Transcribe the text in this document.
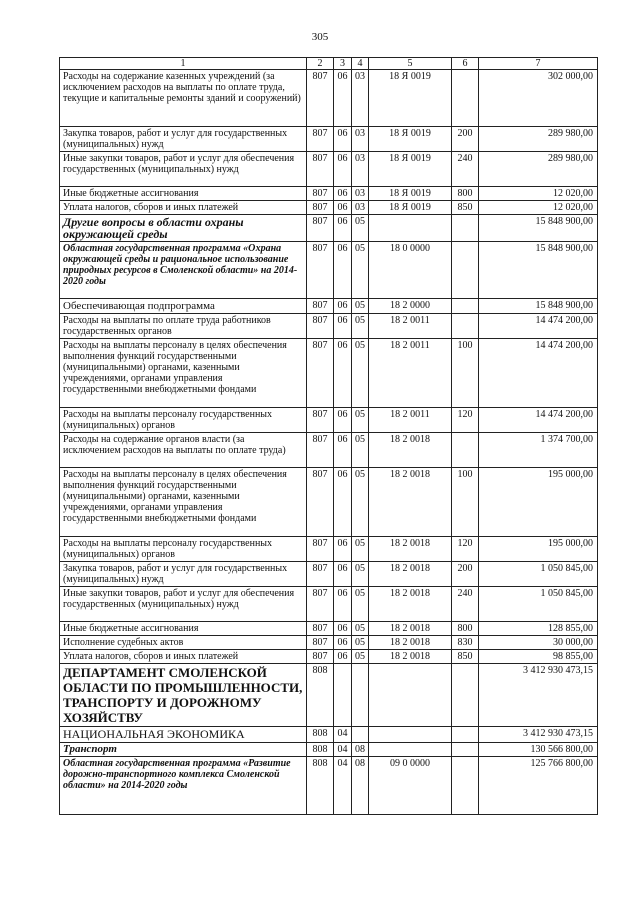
305
1	2	3	4	5	6	7
Расходы на содержание казенных учреждений (за исключением расходов на выплаты по оплате труда, текущие и капитальные ремонты зданий и сооружений)	807	06	03	18 Я 0019		302 000,00
Закупка товаров, работ и услуг для государственных (муниципальных) нужд	807	06	03	18 Я 0019	200	289 980,00
Иные закупки товаров, работ и услуг для обеспечения государственных (муниципальных) нужд	807	06	03	18 Я 0019	240	289 980,00
Иные бюджетные ассигнования	807	06	03	18 Я 0019	800	12 020,00
Уплата налогов, сборов и иных платежей	807	06	03	18 Я 0019	850	12 020,00
Другие вопросы в области охраны окружающей среды	807	06	05			15 848 900,00
Областная государственная программа «Охрана окружающей среды и рациональное использование природных ресурсов в Смоленской области» на 2014-2020 годы	807	06	05	18 0 0000		15 848 900,00
Обеспечивающая подпрограмма	807	06	05	18 2 0000		15 848 900,00
Расходы на выплаты по оплате труда работников государственных органов	807	06	05	18 2 0011		14 474 200,00
Расходы на выплаты персоналу в целях обеспечения выполнения функций государственными (муниципальными) органами, казенными учреждениями, органами управления государственными внебюджетными фондами	807	06	05	18 2 0011	100	14 474 200,00
Расходы на выплаты персоналу государственных (муниципальных) органов	807	06	05	18 2 0011	120	14 474 200,00
Расходы на содержание органов власти (за исключением расходов на выплаты по оплате труда)	807	06	05	18 2 0018		1 374 700,00
Расходы на выплаты персоналу в целях обеспечения выполнения функций государственными (муниципальными) органами, казенными учреждениями, органами управления государственными внебюджетными фондами	807	06	05	18 2 0018	100	195 000,00
Расходы на выплаты персоналу государственных (муниципальных) органов	807	06	05	18 2 0018	120	195 000,00
Закупка товаров, работ и услуг для государственных (муниципальных) нужд	807	06	05	18 2 0018	200	1 050 845,00
Иные закупки товаров, работ и услуг для обеспечения государственных (муниципальных) нужд	807	06	05	18 2 0018	240	1 050 845,00
Иные бюджетные ассигнования	807	06	05	18 2 0018	800	128 855,00
Исполнение судебных актов	807	06	05	18 2 0018	830	30 000,00
Уплата налогов, сборов и иных платежей	807	06	05	18 2 0018	850	98 855,00
ДЕПАРТАМЕНТ СМОЛЕНСКОЙ ОБЛАСТИ ПО ПРОМЫШЛЕННОСТИ, ТРАНСПОРТУ И ДОРОЖНОМУ ХОЗЯЙСТВУ	808					3 412 930 473,15
НАЦИОНАЛЬНАЯ ЭКОНОМИКА	808	04				3 412 930 473,15
Транспорт	808	04	08			130 566 800,00
Областная государственная программа «Развитие дорожно-транспортного комплекса Смоленской области» на 2014-2020 годы	808	04	08	09 0 0000		125 766 800,00
